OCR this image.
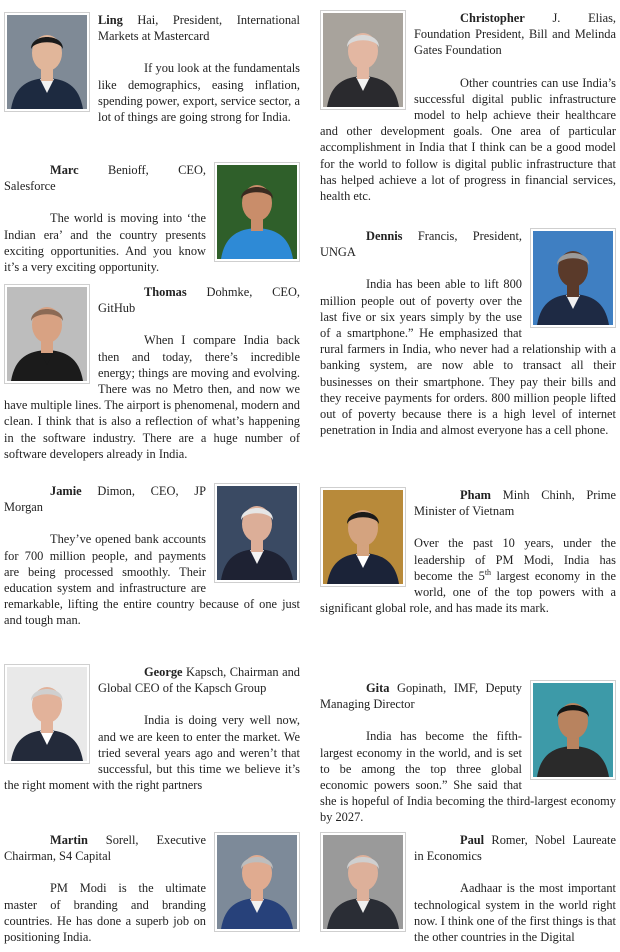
Ling Hai, President, International Markets at Mastercard

If you look at the fundamentals like demographics, easing inflation, spending power, export, service sector, a lot of things are going strong for India.

Marc Benioff, CEO, Salesforce

The world is moving into ‘the Indian era’ and the country presents exciting opportunities. And you know it’s a very exciting opportunity.

Thomas Dohmke, CEO, GitHub

When I compare India back then and today, there’s incredible energy; things are moving and evolving. There was no Metro then, and now we have multiple lines. The airport is phenomenal, modern and clean. I think that is also a reflection of what’s happening in the software industry. There are a huge number of software developers already in India.

Jamie Dimon, CEO, JP Morgan

They’ve opened bank accounts for 700 million people, and payments are being processed smoothly. Their education system and infrastructure are remarkable, lifting the entire country because of one just and tough man.

George Kapsch, Chairman and Global CEO of the Kapsch Group

India is doing very well now, and we are keen to enter the market. We tried several years ago and weren’t that successful, but this time we believe it’s the right moment with the right partners

Martin Sorell, Executive Chairman, S4 Capital

PM Modi is the ultimate master of branding and branding countries. He has done a superb job on positioning India.

Christopher J. Elias, Foundation President, Bill and Melinda Gates Foundation

Other countries can use India’s successful digital public infrastructure model to help achieve their healthcare and other development goals. One area of particular accomplishment in India that I think can be a good model for the world to follow is digital public infrastructure that has helped achieve a lot of progress in financial services, health etc.

Dennis Francis, President, UNGA

India has been able to lift 800 million people out of poverty over the last five or six years simply by the use of a smartphone.” He emphasized that rural farmers in India, who never had a relationship with a banking system, are now able to transact all their businesses on their smartphone. They pay their bills and they receive payments for orders. 800 million people lifted out of poverty because there is a high level of internet penetration in India and almost everyone has a cell phone.

Pham Minh Chinh, Prime Minister of Vietnam

Over the past 10 years, under the leadership of PM Modi, India has become the 5th largest economy in the world, one of the top powers with a significant global role, and has made its mark.

Gita Gopinath, IMF, Deputy Managing Director

India has become the fifth-largest economy in the world, and is set to be among the top three global economic powers soon.” She said that she is hopeful of India becoming the third-largest economy by 2027.

Paul Romer, Nobel Laureate in Economics

Aadhaar is the most important technological system in the world right now. I think one of the first things is that the other countries in the Digital
